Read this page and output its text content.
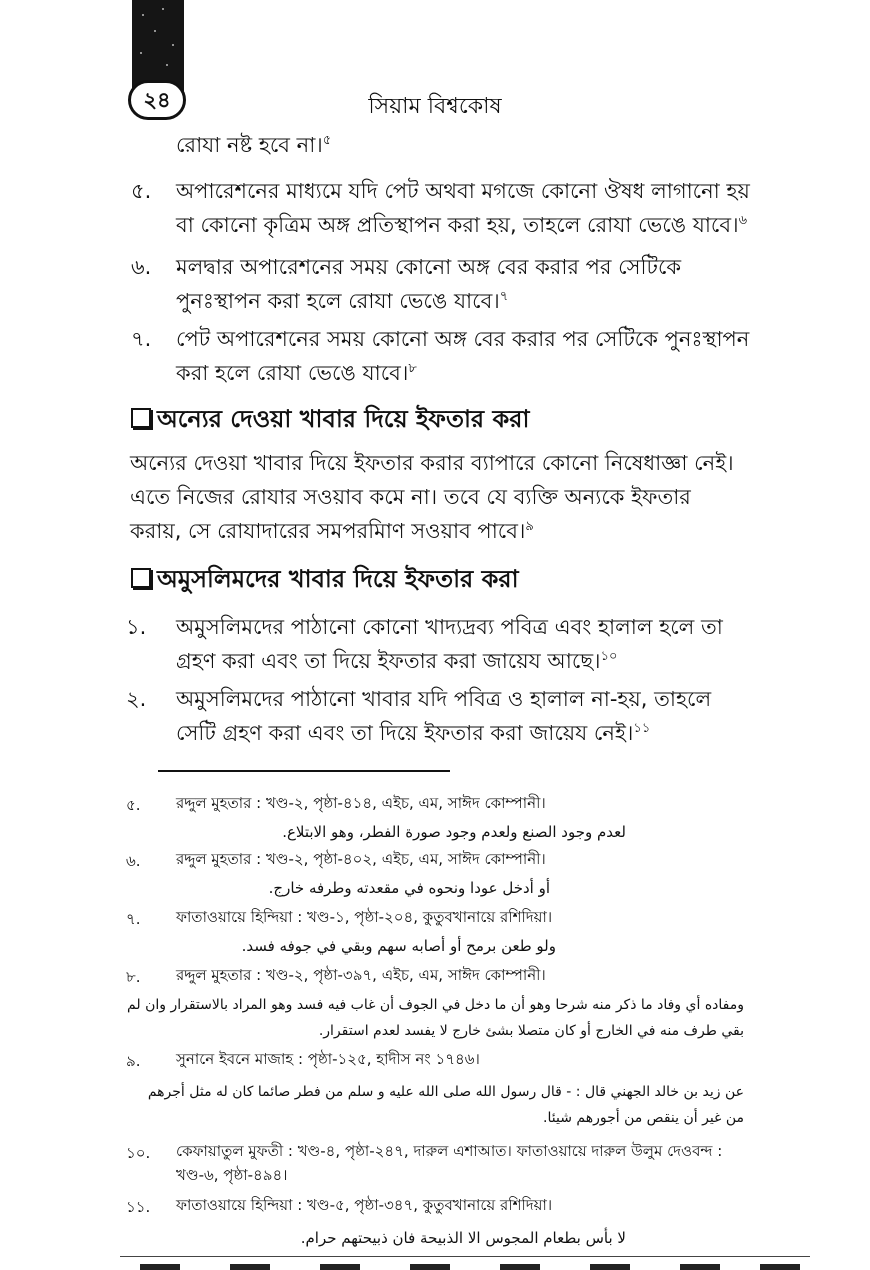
২৪	সিয়াম বিশ্বকোষ
রোযা নষ্ট হবে না।$^৫$
৫. অপারেশনের মাধ্যমে যদি পেট অথবা মগজে কোনো ঔষধ লাগানো হয়
বা কোনো কৃত্রিম অঙ্গ প্রতিস্থাপন করা হয়, তাহলে রোযা ভেঙে যাবে।$^৬$
৬. মলদ্বার অপারেশনের সময় কোনো অঙ্গ বের করার পর সেটিকে
পুনঃস্থাপন করা হলে রোযা ভেঙে যাবে।$^৭$
৭. পেট অপারেশনের সময় কোনো অঙ্গ বের করার পর সেটিকে পুনঃস্থাপন
করা হলে রোযা ভেঙে যাবে।$^৮$
অন্যের দেওয়া খাবার দিয়ে ইফতার করা
অন্যের দেওয়া খাবার দিয়ে ইফতার করার ব্যাপারে কোনো নিষেধাজ্ঞা নেই।
এতে নিজের রোযার সওয়াব কমে না। তবে যে ব্যক্তি অন্যকে ইফতার
করায়, সে রোযাদারের সমপরমিাণ সওয়াব পাবে।$^৯$
অমুসলিমদের খাবার দিয়ে ইফতার করা
১. অমুসলিমদের পাঠানো কোনো খাদ্যদ্রব্য পবিত্র এবং হালাল হলে তা
গ্রহণ করা এবং তা দিয়ে ইফতার করা জায়েয আছে।$^{১০}$
২. অমুসলিমদের পাঠানো খাবার যদি পবিত্র ও হালাল না-হয়, তাহলে
সেটি গ্রহণ করা এবং তা দিয়ে ইফতার করা জায়েয নেই।$^{১১}$
৫. রদ্দুল মুহতার : খণ্ড-২, পৃষ্ঠা-৪১৪, এইচ, এম, সাঈদ কোম্পানী।
لعدم وجود الصنع ولعدم وجود صورة الفطر، وهو الابتلاع.
৬. রদ্দুল মুহতার : খণ্ড-২, পৃষ্ঠা-৪০২, এইচ, এম, সাঈদ কোম্পানী।
أو أدخل عودا ونحوه في مقعدته وطرفه خارج.
৭. ফাতাওয়ায়ে হিন্দিয়া : খণ্ড-১, পৃষ্ঠা-২০৪, কুতুবখানায়ে রশিদিয়া।
ولو طعن برمح أو أصابه سهم وبقي في جوفه فسد.
৮. রদ্দুল মুহতার : খণ্ড-২, পৃষ্ঠা-৩৯৭, এইচ, এম, সাঈদ কোম্পানী।
ومفاده أي وفاد ما ذكر منه شرحا وهو أن ما دخل في الجوف أن غاب فيه فسد وهو المراد بالاستقرار وان لم
بقي طرف منه في الخارج أو كان متصلا بشئ خارج لا يفسد لعدم استقرار.
৯. সুনানে ইবনে মাজাহ : পৃষ্ঠা-১২৫, হাদীস নং ১৭৪৬।
عن زيد بن خالد الجهني قال : - قال رسول الله صلى الله عليه و سلم من فطر صائما كان له مثل أجرهم
من غير أن ينقص من أجورهم شيئا.
১০. কেফায়াতুল মুফতী : খণ্ড-৪, পৃষ্ঠা-২৪৭, দারুল এশাআত। ফাতাওয়ায়ে দারুল উলুম দেওবন্দ :
খণ্ড-৬, পৃষ্ঠা-৪৯৪।
১১. ফাতাওয়ায়ে হিন্দিয়া : খণ্ড-৫, পৃষ্ঠা-৩৪৭, কুতুবখানায়ে রশিদিয়া।
لا بأس بطعام المجوس الا الذبيحة فان ذبيحتهم حرام.
